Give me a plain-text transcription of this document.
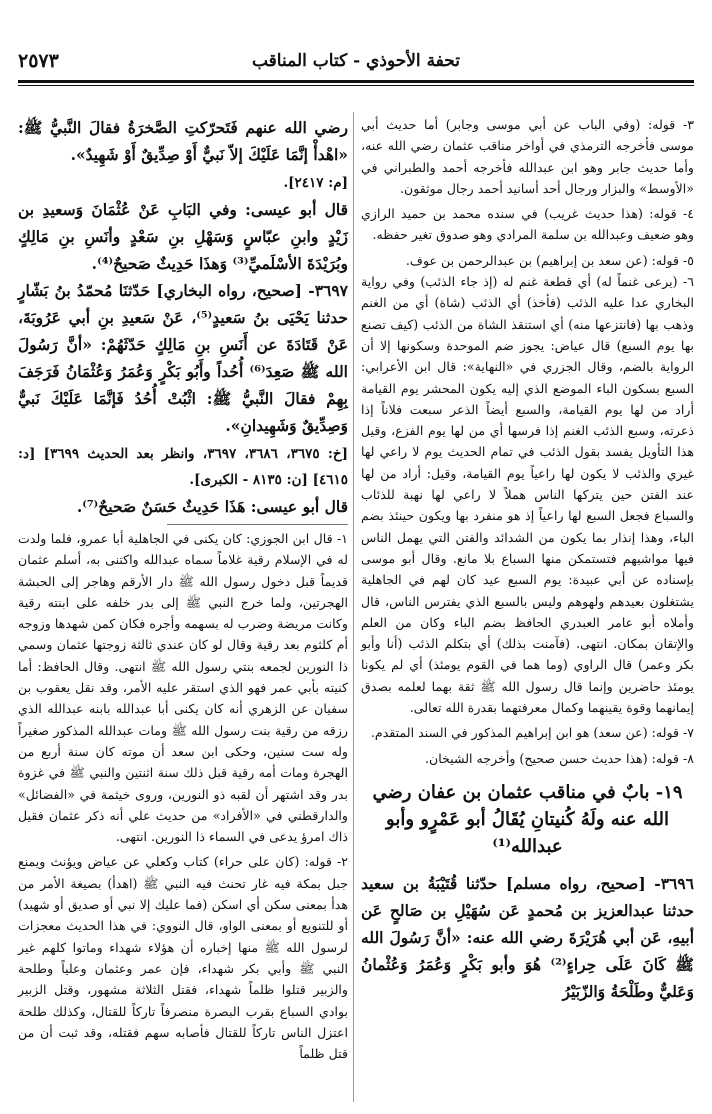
تحفة الأحوذي - كتاب المناقب
٢٥٧٣

٣- قوله: (وفي الباب عن أبي موسى وجابر) أما حديث أبي موسى فأخرجه الترمذي في أواخر مناقب عثمان رضي الله عنه، وأما حديث جابر وهو ابن عبدالله فأخرجه أحمد والطبراني في «الأوسط» والبزار ورجال أحد أسانيد أحمد رجال موثقون.

٤- قوله: (هذا حديث غريب) في سنده محمد بن حميد الرازي وهو ضعيف وعبدالله بن سلمة المرادي وهو صدوق تغير حفظه.

٥- قوله: (عن سعد بن إبراهيم) بن عبدالرحمن بن عوف.

٦- (يرعى غنماً له) أي قطعة غنم له (إذ جاء الذئب) وفي رواية البخاري عدا عليه الذئب (فأخذ) أي الذئب (شاة) أي من الغنم وذهب بها (فانتزعها منه) أي استنقذ الشاة من الذئب (كيف تصنع بها يوم السبع) قال عياض: يجوز ضم الموحدة وسكونها إلا أن الرواية بالضم، وقال الجزري في «النهاية»: قال ابن الأعرابي: السبع بسكون الباء الموضع الذي إليه يكون المحشر يوم القيامة أراد من لها يوم القيامة، والسبع أيضاً الذعر سبعت فلاناً إذا ذعرته، وسبع الذئب الغنم إذا فرسها أي من لها يوم الفزع، وقيل هذا التأويل يفسد بقول الذئب في تمام الحديث يوم لا راعي لها غيري والذئب لا يكون لها راعياً يوم القيامة، وقيل: أراد من لها عند الفتن حين يتركها الناس هملاً لا راعي لها نهبة للذئاب والسباع فجعل السبع لها راعياً إذ هو منفرد بها ويكون حينئذ بضم الباء، وهذا إنذار بما يكون من الشدائد والفتن التي يهمل الناس فيها مواشيهم فتستمكن منها السباع بلا مانع. وقال أبو موسى بإسناده عن أبي عبيدة: يوم السبع عيد كان لهم في الجاهلية يشتغلون بعيدهم ولهوهم وليس بالسبع الذي يفترس الناس، قال وأملاه أبو عامر العبدري الحافظ بضم الباء وكان من العلم والإتقان بمكان. انتهى. (فآمنت بذلك) أي بتكلم الذئب (أنا وأبو بكر وعمر) قال الراوي (وما هما في القوم يومئذ) أي لم يكونا يومئذ حاضرين وإنما قال رسول الله ﷺ ثقة بهما لعلمه بصدق إيمانهما وقوة يقينهما وكمال معرفتهما بقدرة الله تعالى.

٧- قوله: (عن سعد) هو ابن إبراهيم المذكور في السند المتقدم.

٨- قوله: (هذا حديث حسن صحيح) وأخرجه الشيخان.

١٩- بابٌ في مناقب عثمان بن عفان رضي الله عنه ولَهُ كُنيتانِ يُقَالُ أبو عَمْرٍو وأبو عبدالله⁽¹⁾

٣٦٩٦- [صحيح، رواه مسلم] حدّثنا قُتَيْبَةُ بن سعيد حدثنا عبدالعزيز بن مُحمدٍ عَن سُهَيْلِ بن صَالحٍ عَن أبيهِ، عَن أبي هُرَيْرَةَ رضي الله عنه: «أنَّ رَسُولَ الله ﷺ كَانَ عَلَى حِراءٍ⁽²⁾ هُوَ وأبو بَكْرٍ وَعُمَرُ وَعُثْمانُ وَعَليٌّ وطَلْحَةُ وَالزّبَيْرُ

رضي الله عنهم فَتَحرّكتِ الصَّخرَةُ فقالَ النَّبيُّ ﷺ: «اهْدأْ إنَّمَا عَلَيْكَ إلاّ نَبيٌّ أَوْ صِدِّيقٌ أَوْ شَهِيدٌ».

[م: ٢٤١٧].

قال أبو عيسى: وفي البَابِ عَنْ عُثْمَانَ وَسعيدِ بن زَيْدٍ وابنِ عبّاسٍ وَسَهْلِ بنِ سَعْدٍ وأنَسِ بنِ مَالِكٍ وبُرَيْدَةَ الأسْلَميِّ⁽³⁾ وَهذَا حَدِيثٌ صَحيحٌ⁽⁴⁾.

٣٦٩٧- [صحيح، رواه البخاري] حَدّثنَا مُحمّدُ بنُ بَشّارٍ حدثنا يَحْيَى بنُ سَعيدٍ⁽⁵⁾، عَنْ سَعيدِ بنِ أبي عَرُوبَةَ، عَنْ قَتَادَةَ عن أَنَسِ بنِ مَالِكٍ حَدّثَهُمْ: «أنَّ رَسُولَ الله ﷺ صَعِدَ⁽⁶⁾ أُحُداً وأَبُو بَكْرٍ وَعُمَرُ وَعُثْمَانُ فَرَجَفَ بِهِمْ فقالَ النَّبيُّ ﷺ: اثْبُتْ أُحُدُ فَإنَّمَا عَلَيْكَ نَبيٌّ وَصِدِّيقٌ وَشَهِيدانِ».

[خ: ٣٦٧٥، ٣٦٨٦، ٣٦٩٧، وانظر بعد الحديث ٣٦٩٩] [د: ٤٦١٥] [ن: ٨١٣٥ - الكبرى].

قال أبو عيسى: هَذَا حَدِيثٌ حَسَنٌ صَحيحٌ⁽⁷⁾.

١- قال ابن الجوزي: كان يكنى في الجاهلية أبا عمرو، فلما ولدت له في الإسلام رقية غلاماً سماه عبدالله واكتنى به، أسلم عثمان قديماً قبل دخول رسول الله ﷺ دار الأرقم وهاجر إلى الحبشة الهجرتين، ولما خرج النبي ﷺ إلى بدر خلفه على ابنته رقية وكانت مريضة وضرب له بسهمه وأجره فكان كمن شهدها وزوجه أم كلثوم بعد رقية وقال لو كان عندي ثالثة زوجتها عثمان وسمي ذا النورين لجمعه بنتي رسول الله ﷺ انتهى. وقال الحافظ: أما كنيته بأبي عمر فهو الذي استقر عليه الأمر، وقد نقل يعقوب بن سفيان عن الزهري أنه كان يكنى أبا عبدالله بابنه عبدالله الذي رزقه من رقية بنت رسول الله ﷺ ومات عبدالله المذكور صغيراً وله ست سنين، وحكى ابن سعد أن موته كان سنة أربع من الهجرة ومات أمه رقية قبل ذلك سنة اثنتين والنبي ﷺ في غزوة بدر وقد اشتهر أن لقبه ذو النورين، وروى خيثمة في «الفضائل» والدارقطني في «الأفراد» من حديث علي أنه ذكر عثمان فقيل ذاك امرؤ يدعى في السماء ذا النورين. انتهى.

٢- قوله: (كان على حراء) كتاب وكعلي عن عياض ويؤنث ويمنع جبل بمكة فيه غار تحنث فيه النبي ﷺ (اهدأ) بصيغة الأمر من هدأ بمعنى سكن أي اسكن (فما عليك إلا نبي أو صديق أو شهيد) أو للتنويع أو بمعنى الواو، قال النووي: في هذا الحديث معجزات لرسول الله ﷺ منها إخباره أن هؤلاء شهداء وماتوا كلهم غير النبي ﷺ وأبي بكر شهداء، فإن عمر وعثمان وعلياً وطلحة والزبير قتلوا ظلماً شهداء، فقتل الثلاثة مشهور، وقتل الزبير بوادي السباع بقرب البصرة منصرفاً تاركاً للقتال، وكذلك طلحة اعتزل الناس تاركاً للقتال فأصابه سهم فقتله، وقد ثبت أن من قتل ظلماً
